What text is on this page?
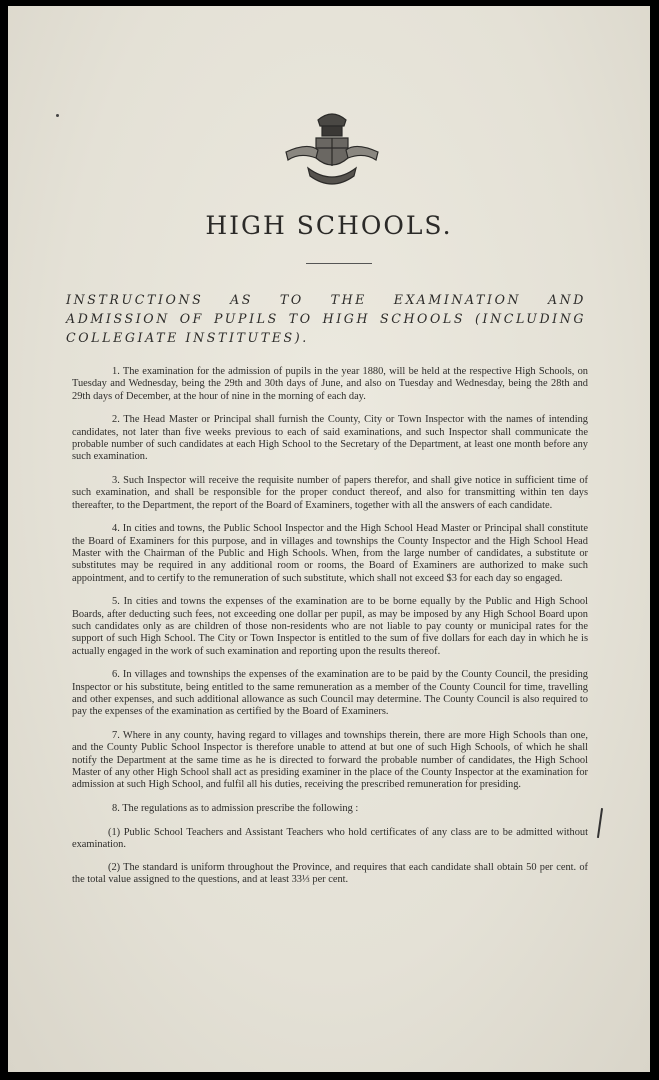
HIGH SCHOOLS.
INSTRUCTIONS AS TO THE EXAMINATION AND ADMISSION OF PUPILS TO HIGH SCHOOLS (INCLUDING COLLEGIATE INSTITUTES).

1. The examination for the admission of pupils in the year 1880, will be held at the respective High Schools, on Tuesday and Wednesday, being the 29th and 30th days of June, and also on Tuesday and Wednesday, being the 28th and 29th days of December, at the hour of nine in the morning of each day.

2. The Head Master or Principal shall furnish the County, City or Town Inspector with the names of intending candidates, not later than five weeks previous to each of said examinations, and such Inspector shall communicate the probable number of such candidates at each High School to the Secretary of the Department, at least one month before any such examination.

3. Such Inspector will receive the requisite number of papers therefor, and shall give notice in sufficient time of such examination, and shall be responsible for the proper conduct thereof, and also for transmitting within ten days thereafter, to the Department, the report of the Board of Examiners, together with all the answers of each candidate.

4. In cities and towns, the Public School Inspector and the High School Head Master or Principal shall constitute the Board of Examiners for this purpose, and in villages and townships the County Inspector and the High School Head Master with the Chairman of the Public and High Schools. When, from the large number of candidates, a substitute or substitutes may be required in any additional room or rooms, the Board of Examiners are authorized to make such appointment, and to certify to the remuneration of such substitute, which shall not exceed $3 for each day so engaged.

5. In cities and towns the expenses of the examination are to be borne equally by the Public and High School Boards, after deducting such fees, not exceeding one dollar per pupil, as may be imposed by any High School Board upon such candidates only as are children of those non-residents who are not liable to pay county or municipal rates for the support of such High School. The City or Town Inspector is entitled to the sum of five dollars for each day in which he is actually engaged in the work of such examination and reporting upon the results thereof.

6. In villages and townships the expenses of the examination are to be paid by the County Council, the presiding Inspector or his substitute, being entitled to the same remuneration as a member of the County Council for time, travelling and other expenses, and such additional allowance as such Council may determine. The County Council is also required to pay the expenses of the examination as certified by the Board of Examiners.

7. Where in any county, having regard to villages and townships therein, there are more High Schools than one, and the County Public School Inspector is therefore unable to attend at but one of such High Schools, of which he shall notify the Department at the same time as he is directed to forward the probable number of candidates, the High School Master of any other High School shall act as presiding examiner in the place of the County Inspector at the examination for admission at such High School, and fulfil all his duties, receiving the prescribed remuneration for presiding.

8. The regulations as to admission prescribe the following :

(1) Public School Teachers and Assistant Teachers who hold certificates of any class are to be admitted without examination.

(2) The standard is uniform throughout the Province, and requires that each candidate shall obtain 50 per cent. of the total value assigned to the questions, and at least 33⅓ per cent.
